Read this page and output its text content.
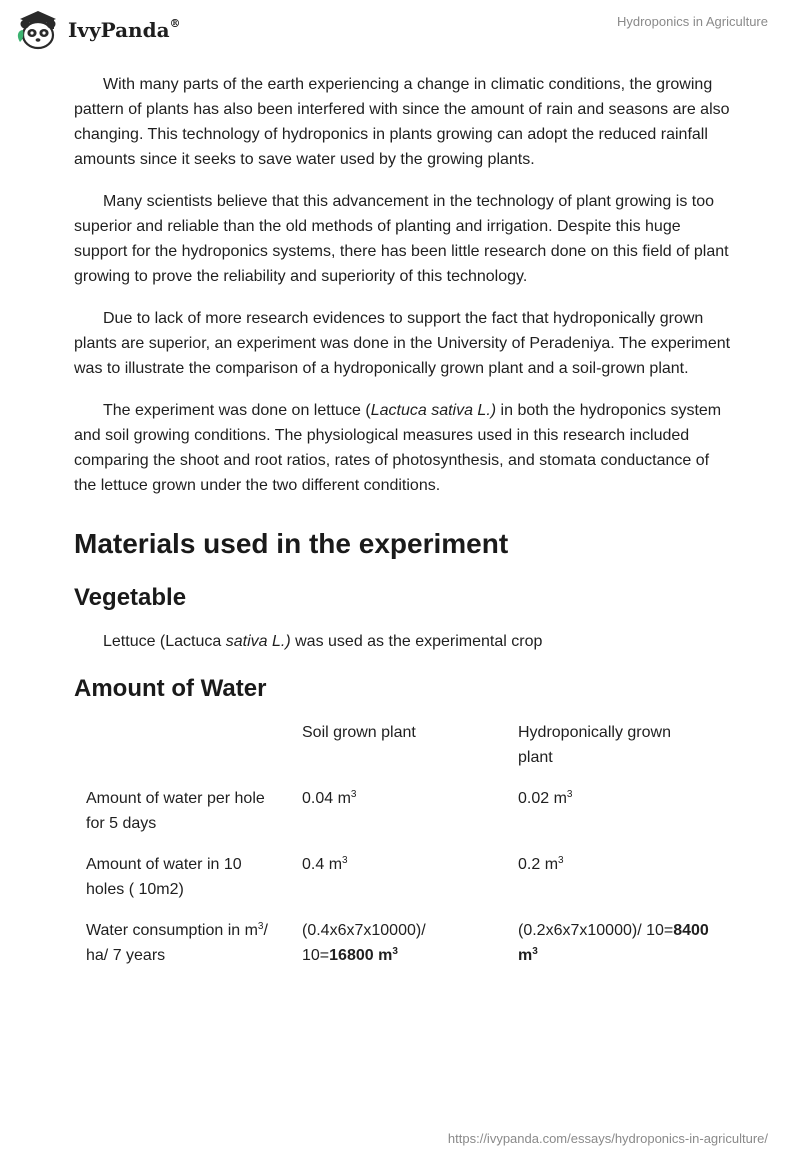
IvyPanda®	Hydroponics in Agriculture

With many parts of the earth experiencing a change in climatic conditions, the growing pattern of plants has also been interfered with since the amount of rain and seasons are also changing. This technology of hydroponics in plants growing can adopt the reduced rainfall amounts since it seeks to save water used by the growing plants.

Many scientists believe that this advancement in the technology of plant growing is too superior and reliable than the old methods of planting and irrigation. Despite this huge support for the hydroponics systems, there has been little research done on this field of plant growing to prove the reliability and superiority of this technology.

Due to lack of more research evidences to support the fact that hydroponically grown plants are superior, an experiment was done in the University of Peradeniya. The experiment was to illustrate the comparison of a hydroponically grown plant and a soil-grown plant.

The experiment was done on lettuce (Lactuca sativa L.) in both the hydroponics system and soil growing conditions. The physiological measures used in this research included comparing the shoot and root ratios, rates of photosynthesis, and stomata conductance of the lettuce grown under the two different conditions.

Materials used in the experiment
Vegetable

Lettuce (Lactuca sativa L.) was used as the experimental crop

Amount of Water
	Soil grown plant	Hydroponically grown plant
Amount of water per hole for 5 days	0.04 $m^3$	0.02 $m^3$
Amount of water in 10 holes ( 10m2)	0.4 $m^3$	0.2 $m^3$
Water consumption in $m^3/$ ha/ 7 years	(0.4x6x7x10000)/ 10=16800 $m^3$	(0.2x6x7x10000)/ 10=8400 $m^3$
https://ivypanda.com/essays/hydroponics-in-agriculture/
